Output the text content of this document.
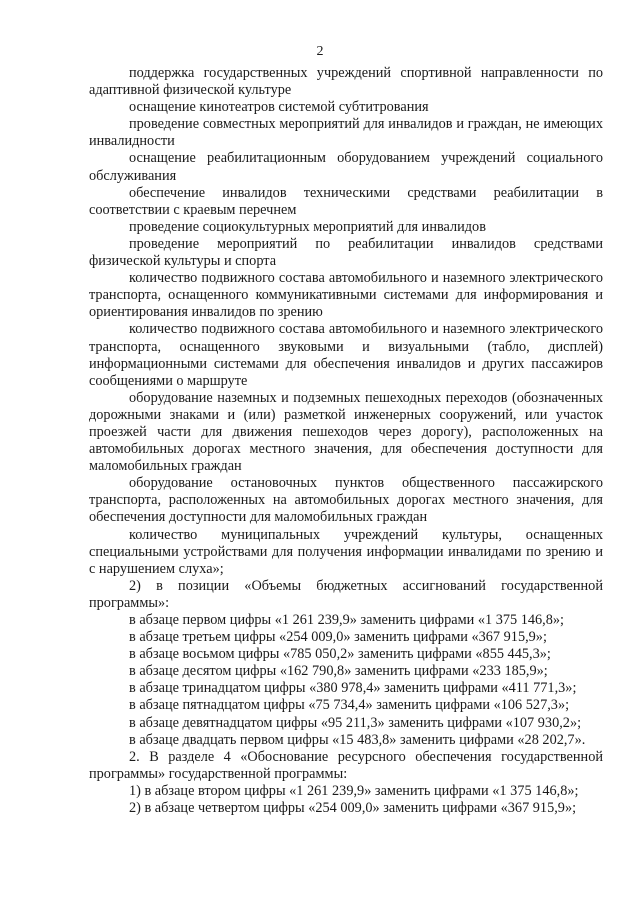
2

поддержка государственных учреждений спортивной направленности по адаптивной физической культуре

оснащение кинотеатров системой субтитрования

проведение совместных мероприятий для инвалидов и граждан, не имеющих инвалидности

оснащение реабилитационным оборудованием учреждений социального обслуживания

обеспечение инвалидов техническими средствами реабилитации в соответствии с краевым перечнем

проведение социокультурных мероприятий для инвалидов

проведение мероприятий по реабилитации инвалидов средствами физической культуры и спорта

количество подвижного состава автомобильного и наземного электрического транспорта, оснащенного коммуникативными системами для информирования и ориентирования инвалидов по зрению

количество подвижного состава автомобильного и наземного электрического транспорта, оснащенного звуковыми и визуальными (табло, дисплей) информационными системами для обеспечения инвалидов и других пассажиров сообщениями о маршруте

оборудование наземных и подземных пешеходных переходов (обозначенных дорожными знаками и (или) разметкой инженерных сооружений, или участок проезжей части для движения пешеходов через дорогу), расположенных на автомобильных дорогах местного значения, для обеспечения доступности для маломобильных граждан

оборудование остановочных пунктов общественного пассажирского транспорта, расположенных на автомобильных дорогах местного значения, для обеспечения доступности для маломобильных граждан

количество муниципальных учреждений культуры, оснащенных специальными устройствами для получения информации инвалидами по зрению и с нарушением слуха»;

2) в позиции «Объемы бюджетных ассигнований государственной программы»:

в абзаце первом цифры «1 261 239,9» заменить цифрами «1 375 146,8»;

в абзаце третьем цифры «254 009,0» заменить цифрами «367 915,9»;

в абзаце восьмом цифры «785 050,2» заменить цифрами «855 445,3»;

в абзаце десятом цифры «162 790,8» заменить цифрами «233 185,9»;

в абзаце тринадцатом цифры «380 978,4» заменить цифрами «411 771,3»;

в абзаце пятнадцатом цифры «75 734,4» заменить цифрами «106 527,3»;

в абзаце девятнадцатом цифры «95 211,3» заменить цифрами «107 930,2»;

в абзаце двадцать первом цифры «15 483,8» заменить цифрами «28 202,7».

2. В разделе 4 «Обоснование ресурсного обеспечения государственной программы» государственной программы:

1) в абзаце втором цифры «1 261 239,9» заменить цифрами «1 375 146,8»;

2) в абзаце четвертом цифры «254 009,0» заменить цифрами «367 915,9»;
